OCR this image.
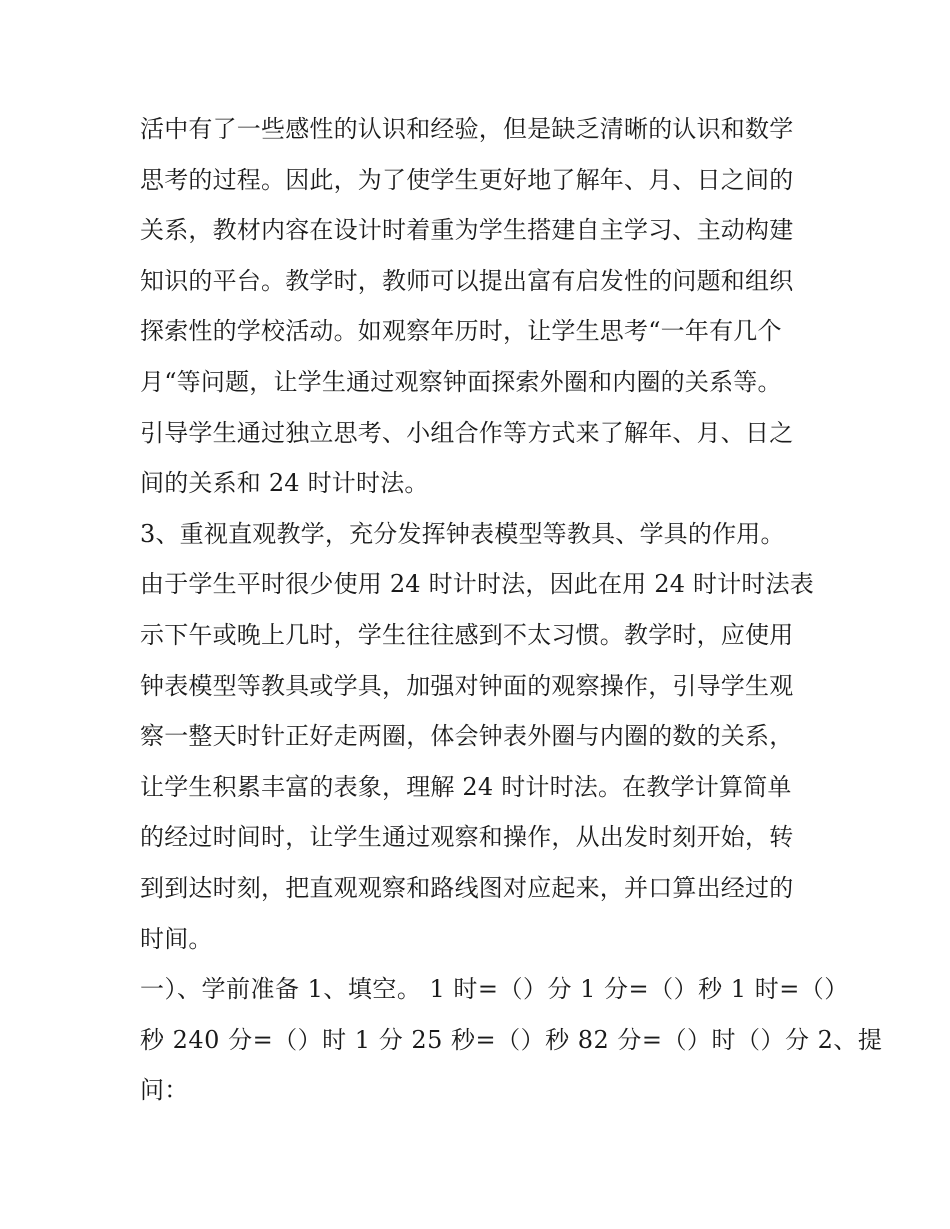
活中有了一些感性的认识和经验，但是缺乏清晰的认识和数学
思考的过程。因此，为了使学生更好地了解年、月、日之间的
关系，教材内容在设计时着重为学生搭建自主学习、主动构建
知识的平台。教学时，教师可以提出富有启发性的问题和组织
探索性的学校活动。如观察年历时，让学生思考“一年有几个
月“等问题，让学生通过观察钟面探索外圈和内圈的关系等。
引导学生通过独立思考、小组合作等方式来了解年、月、日之
间的关系和 24 时计时法。
3、重视直观教学，充分发挥钟表模型等教具、学具的作用。
由于学生平时很少使用 24 时计时法，因此在用 24 时计时法表
示下午或晚上几时，学生往往感到不太习惯。教学时，应使用
钟表模型等教具或学具，加强对钟面的观察操作，引导学生观
察一整天时针正好走两圈，体会钟表外圈与内圈的数的关系，
让学生积累丰富的表象，理解 24 时计时法。在教学计算简单
的经过时间时，让学生通过观察和操作，从出发时刻开始，转
到到达时刻，把直观观察和路线图对应起来，并口算出经过的
时间。
一）、学前准备 1、填空。 1 时=（）分 1 分=（）秒 1 时=（）
秒 240 分=（）时 1 分 25 秒=（）秒 82 分=（）时（）分 2、提
问：
